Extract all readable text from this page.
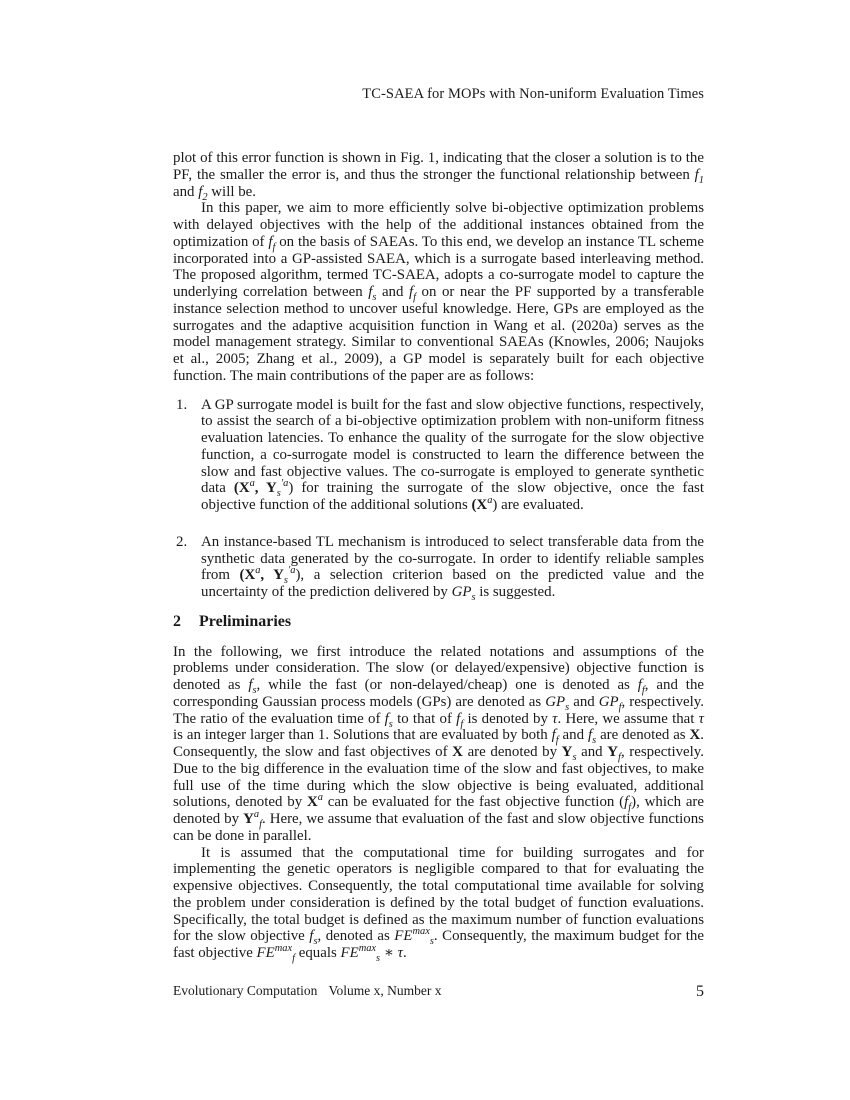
TC-SAEA for MOPs with Non-uniform Evaluation Times

plot of this error function is shown in Fig. 1, indicating that the closer a solution is to the PF, the smaller the error is, and thus the stronger the functional relationship between $f_1$ and $f_2$ will be.

In this paper, we aim to more efficiently solve bi-objective optimization problems with delayed objectives with the help of the additional instances obtained from the optimization of $f_f$ on the basis of SAEAs. To this end, we develop an instance TL scheme incorporated into a GP-assisted SAEA, which is a surrogate based interleaving method. The proposed algorithm, termed TC-SAEA, adopts a co-surrogate model to capture the underlying correlation between $f_s$ and $f_f$ on or near the PF supported by a transferable instance selection method to uncover useful knowledge. Here, GPs are employed as the surrogates and the adaptive acquisition function in Wang et al. (2020a) serves as the model management strategy. Similar to conventional SAEAs (Knowles, 2006; Naujoks et al., 2005; Zhang et al., 2009), a GP model is separately built for each objective function. The main contributions of the paper are as follows:

1. A GP surrogate model is built for the fast and slow objective functions, respectively, to assist the search of a bi-objective optimization problem with non-uniform fitness evaluation latencies. To enhance the quality of the surrogate for the slow objective function, a co-surrogate model is constructed to learn the difference between the slow and fast objective values. The co-surrogate is employed to generate synthetic data ($X^a$, $Y_s^{'a}$) for training the surrogate of the slow objective, once the fast objective function of the additional solutions $(X^a)$ are evaluated.
2. An instance-based TL mechanism is introduced to select transferable data from the synthetic data generated by the co-surrogate. In order to identify reliable samples from ($X^a$, $Y_s^{'a}$), a selection criterion based on the predicted value and the uncertainty of the prediction delivered by $GP_s$ is suggested.
2 Preliminaries

In the following, we first introduce the related notations and assumptions of the problems under consideration. The slow (or delayed/expensive) objective function is denoted as $f_s$, while the fast (or non-delayed/cheap) one is denoted as $f_f$, and the corresponding Gaussian process models (GPs) are denoted as $GP_s$ and $GP_f$, respectively. The ratio of the evaluation time of $f_s$ to that of $f_f$ is denoted by τ. Here, we assume that τ is an integer larger than 1. Solutions that are evaluated by both $f_f$ and $f_s$ are denoted as X. Consequently, the slow and fast objectives of X are denoted by $Y_s$ and $Y_f$, respectively. Due to the big difference in the evaluation time of the slow and fast objectives, to make full use of the time during which the slow objective is being evaluated, additional solutions, denoted by $X^a$ can be evaluated for the fast objective function $(f_f)$, which are denoted by $Y^a_f$. Here, we assume that evaluation of the fast and slow objective functions can be done in parallel.

It is assumed that the computational time for building surrogates and for implementing the genetic operators is negligible compared to that for evaluating the expensive objectives. Consequently, the total computational time available for solving the problem under consideration is defined by the total budget of function evaluations. Specifically, the total budget is defined as the maximum number of function evaluations for the slow objective $f_s$, denoted as $FE^{max}_s$. Consequently, the maximum budget for the fast objective $FE^{max}_f$ equals $FE^{max}_s$ ∗ τ.

Evolutionary Computation Volume x, Number x	5
